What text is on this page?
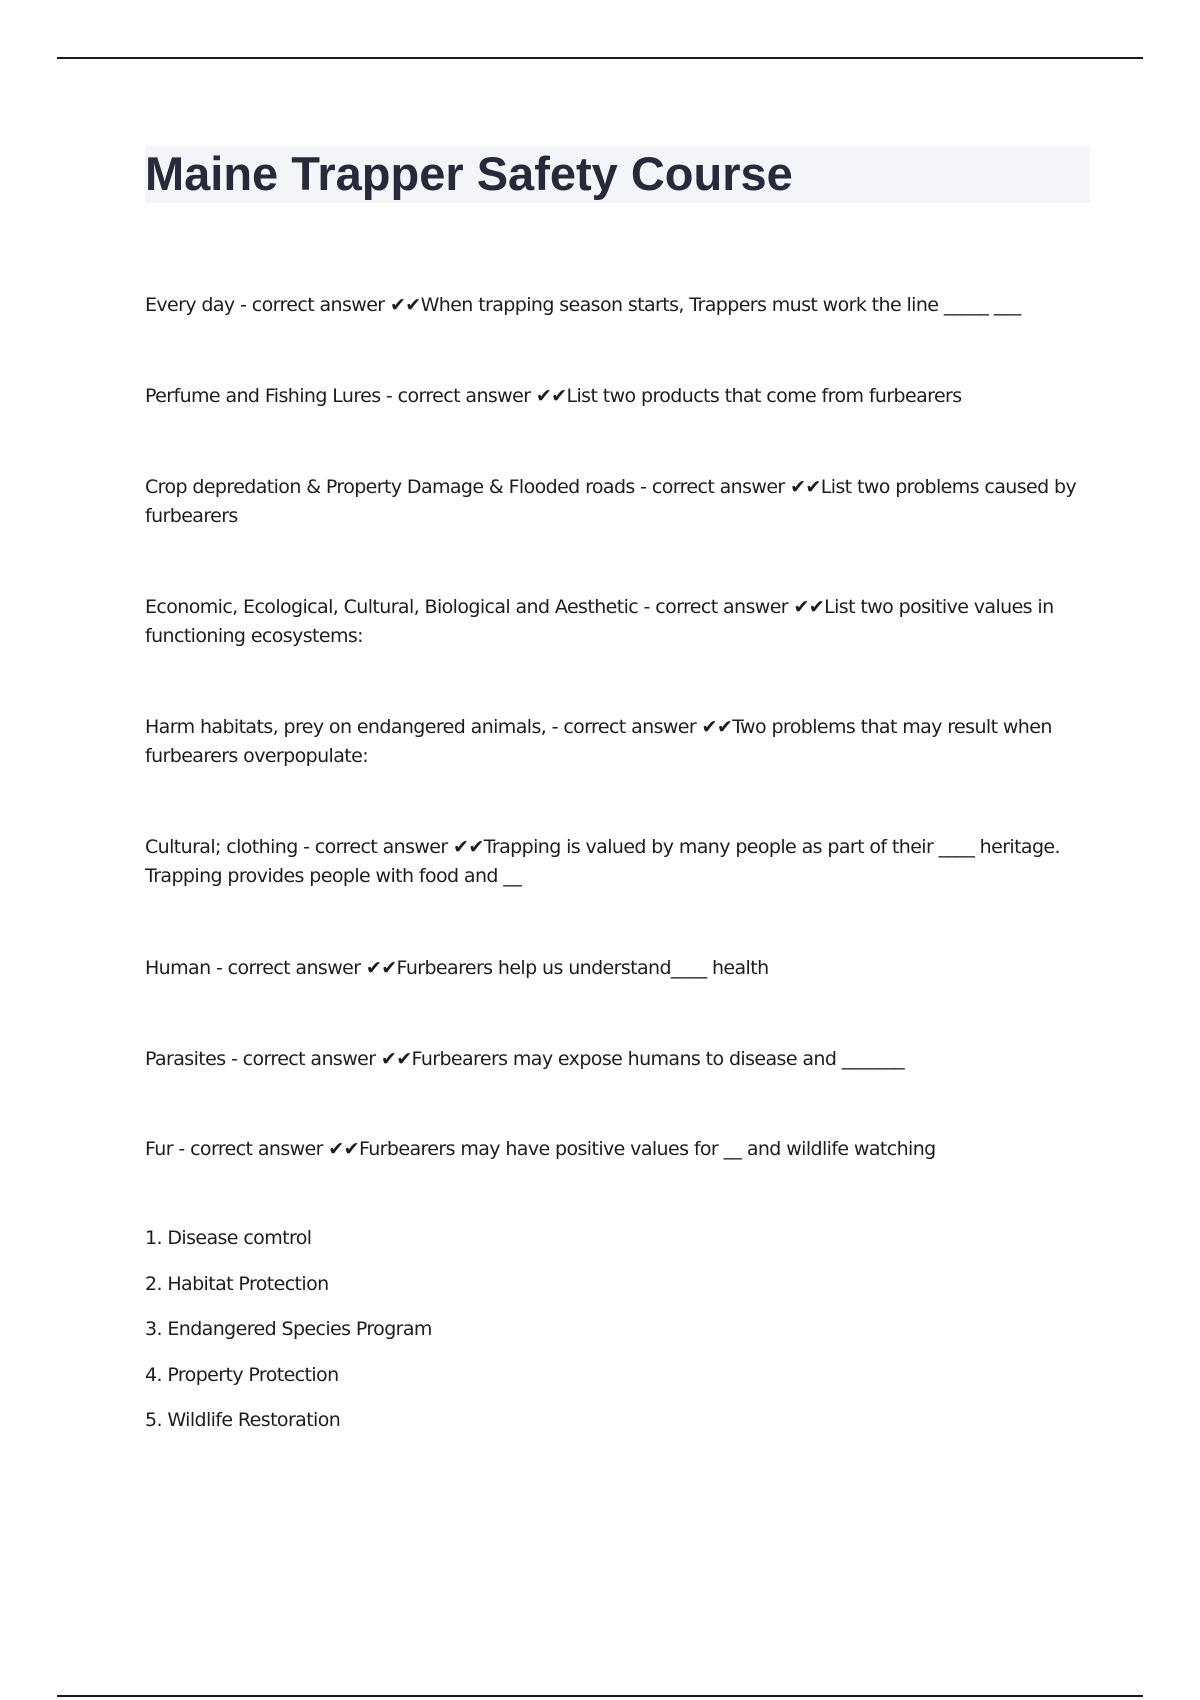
Maine Trapper Safety Course

Every day - correct answer ✔✔When trapping season starts, Trappers must work the line _____ ___

Perfume and Fishing Lures - correct answer ✔✔List two products that come from furbearers

Crop depredation & Property Damage & Flooded roads - correct answer ✔✔List two problems caused by furbearers

Economic, Ecological, Cultural, Biological and Aesthetic - correct answer ✔✔List two positive values in functioning ecosystems:

Harm habitats, prey on endangered animals, - correct answer ✔✔Two problems that may result when furbearers overpopulate:

Cultural; clothing - correct answer ✔✔Trapping is valued by many people as part of their ____ heritage. Trapping provides people with food and __

Human - correct answer ✔✔Furbearers help us understand____ health

Parasites - correct answer ✔✔Furbearers may expose humans to disease and _______

Fur - correct answer ✔✔Furbearers may have positive values for __ and wildlife watching

1. Disease comtrol
2. Habitat Protection
3. Endangered Species Program
4. Property Protection
5. Wildlife Restoration
